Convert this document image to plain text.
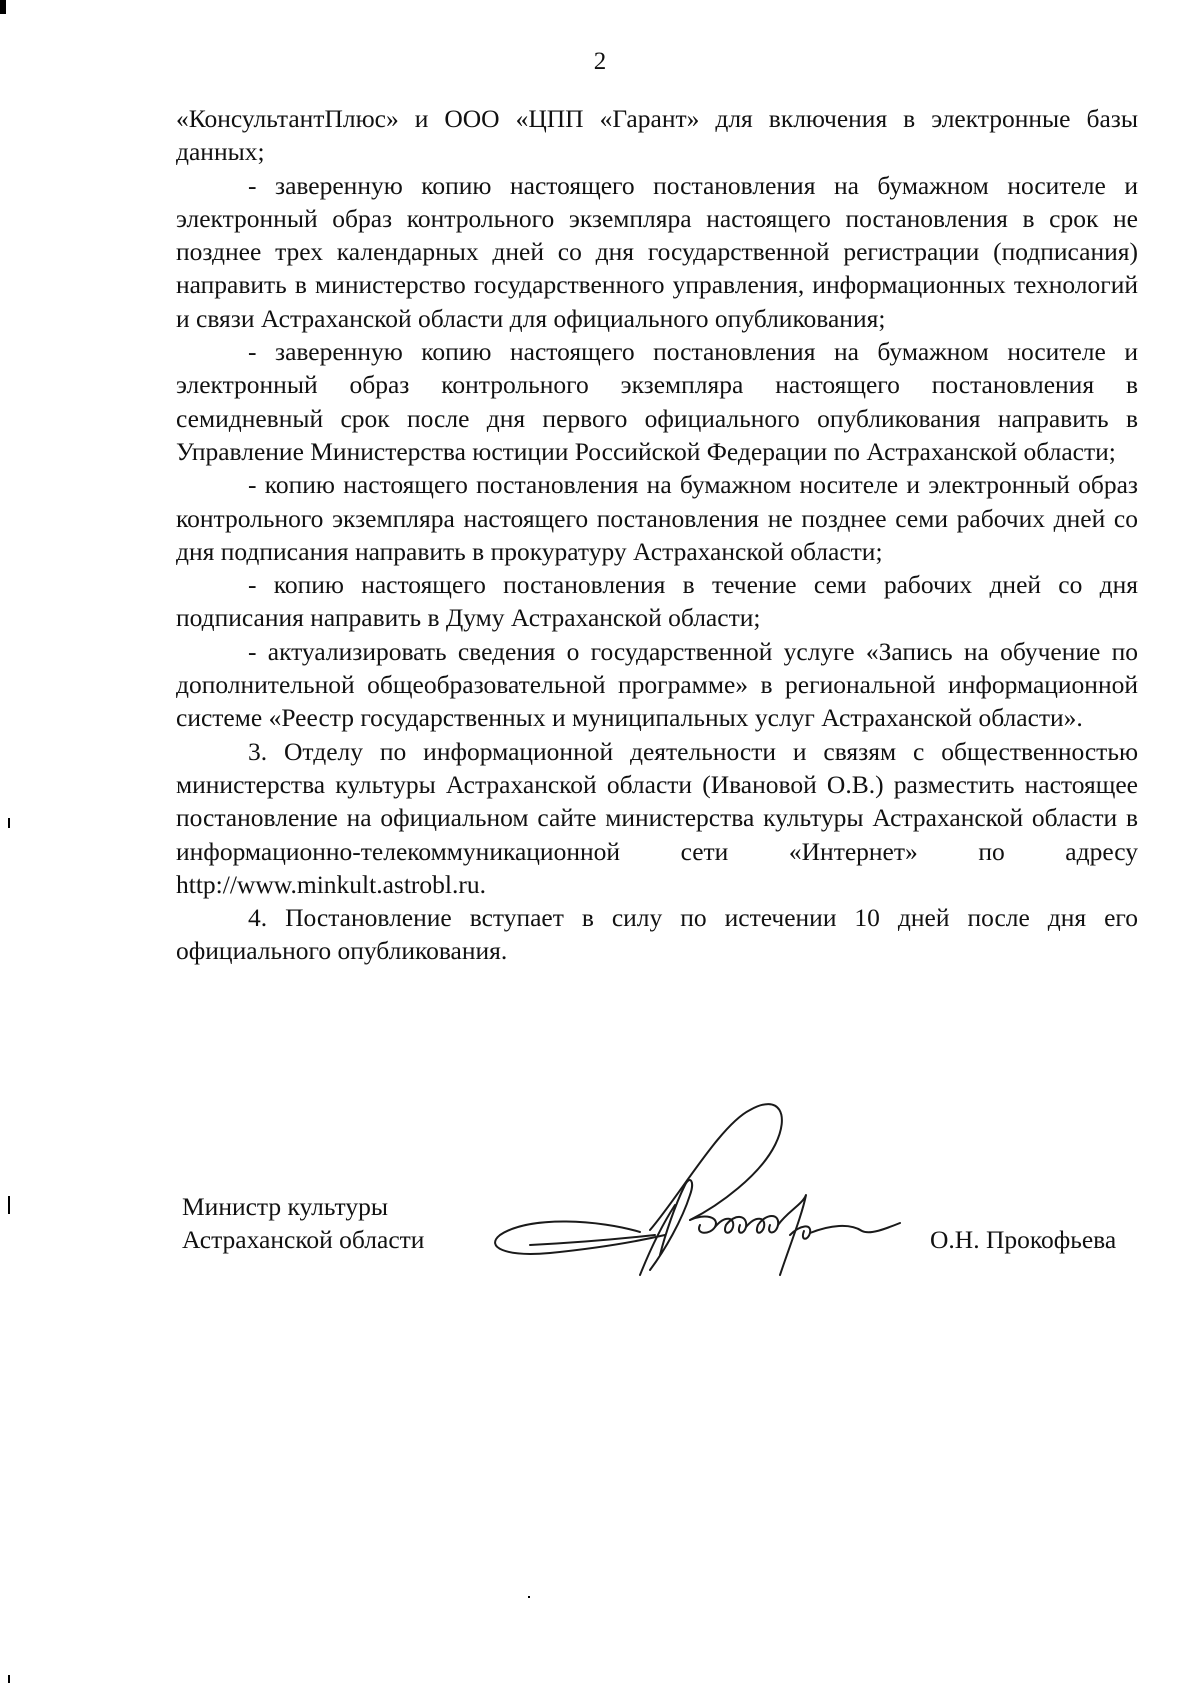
2

«КонсультантПлюс» и ООО «ЦПП «Гарант» для включения в электронные базы данных;

- заверенную копию настоящего постановления на бумажном носителе и электронный образ контрольного экземпляра настоящего постановления в срок не позднее трех календарных дней со дня государственной регистрации (подписания) направить в министерство государственного управления, информационных технологий и связи Астраханской области для официального опубликования;

- заверенную копию настоящего постановления на бумажном носителе и электронный образ контрольного экземпляра настоящего постановления в семидневный срок после дня первого официального опубликования направить в Управление Министерства юстиции Российской Федерации по Астраханской области;

- копию настоящего постановления на бумажном носителе и электронный образ контрольного экземпляра настоящего постановления не позднее семи рабочих дней со дня подписания направить в прокуратуру Астраханской области;

- копию настоящего постановления в течение семи рабочих дней со дня подписания направить в Думу Астраханской области;

- актуализировать сведения о государственной услуге «Запись на обучение по дополнительной общеобразовательной программе» в региональной информационной системе «Реестр государственных и муниципальных услуг Астраханской области».

3. Отделу по информационной деятельности и связям с общественностью министерства культуры Астраханской области (Ивановой О.В.) разместить настоящее постановление на официальном сайте министерства культуры Астраханской области в информационно-телекоммуникационной сети «Интернет» по адресу http://www.minkult.astrobl.ru.

4. Постановление вступает в силу по истечении 10 дней после дня его официального опубликования.

Министр культуры
Астраханской области	О.Н. Прокофьева
